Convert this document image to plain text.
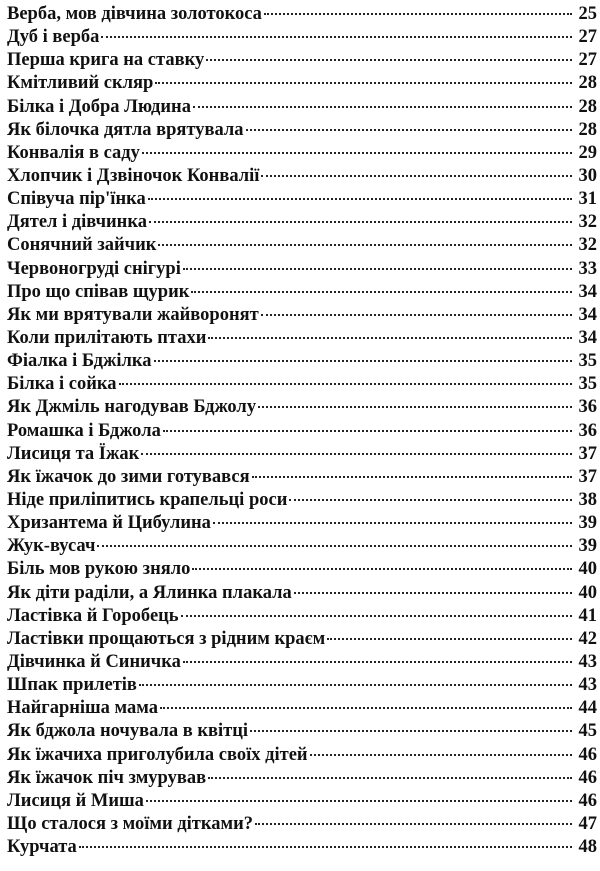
Верба, мов дівчина золотокоса	25
Дуб і верба	27
Перша крига на ставку	27
Кмітливий скляр	28
Білка і Добра Людина	28
Як білочка дятла врятувала	28
Конвалія в саду	29
Хлопчик і Дзвіночок Конвалії	30
Співуча пір'їнка	31
Дятел і дівчинка	32
Сонячний зайчик	32
Червоногруді снігурі	33
Про що співав щурик	34
Як ми врятували жайворонят	34
Коли прилітають птахи	34
Фіалка і Бджілка	35
Білка і сойка	35
Як Джміль нагодував Бджолу	36
Ромашка і Бджола	36
Лисиця та Їжак	37
Як їжачок до зими готувався	37
Ніде приліпитись крапельці роси	38
Хризантема й Цибулина	39
Жук-вусач	39
Біль мов рукою зняло	40
Як діти раділи, а Ялинка плакала	40
Ластівка й Горобець	41
Ластівки прощаються з рідним краєм	42
Дівчинка й Синичка	43
Шпак прилетів	43
Найгарніша мама	44
Як бджола ночувала в квітці	45
Як їжачиха приголубила своїх дітей	46
Як їжачок піч змурував	46
Лисиця й Миша	46
Що сталося з моїми дітками?	47
Курчата	48
